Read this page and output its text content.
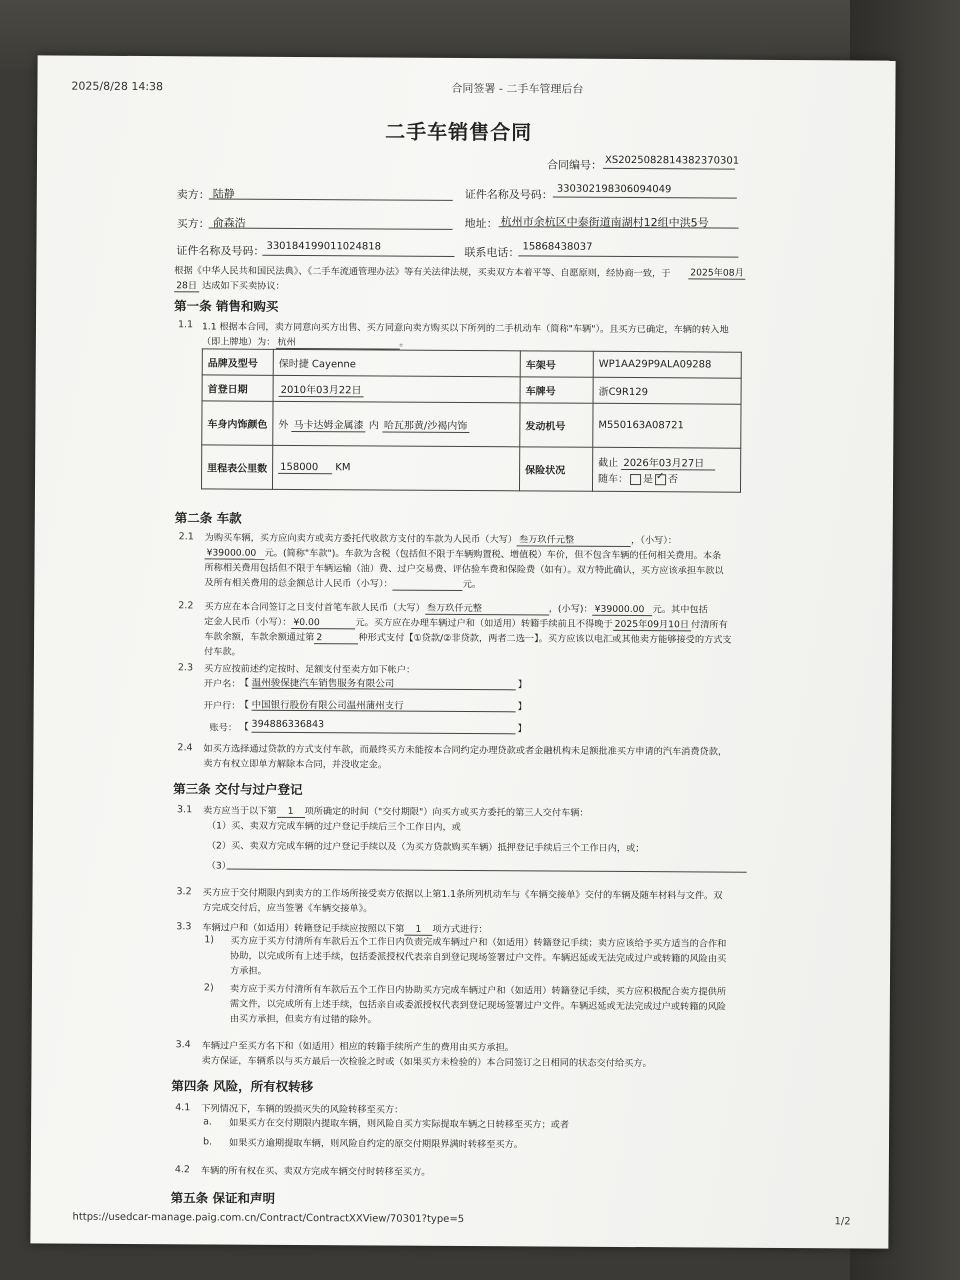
2025/8/28 14:38	合同签署 - 二手车管理后台
二手车销售合同
合同编号： XS20250828143823703​01
卖方： 陆静	证件名称及号码： 330302198306094049
买方： 俞森浩	地址： 杭州市余杭区中泰街道南湖村12组中洪5号
证件名称及号码： 330184199011024818	联系电话： 15868438037
根据《中华人民共和国民法典》、《二手车流通管理办法》等有关法律法规，买卖双方本着平等、自愿原则，经协商一致，于 2025年08月
28日 达成如下买卖协议：
第一条 销售和购买
1.1 1.1 根据本合同，卖方同意向买方出售、买方同意向卖方购买以下所列的二手机动车（简称"车辆"）。且买方已确定，车辆的转入地
（即上牌地）为： 杭州	。
品牌及型号	保时捷 Cayenne	车架号	WP1AA29P9ALA09288
首登日期	2010年03月22日	车牌号	浙C9R129
车身内饰颜色	外 马卡达姆金属漆 内 哈瓦那黄/沙褐内饰	发动机号	M550163A08721
里程表公里数	158000 KM	保险状况	截止 2026年03月27日
随车： 是 ✓ 否
第二条 车款
2.1 为购买车辆，买方应向卖方或卖方委托代收款方支付的车款为人民币（大写） 叁万玖仟元整	，（小写）：
¥39000.00 元。(简称"车款")。车款为含税（包括但不限于车辆购置税、增值税）车价，但不包含车辆的任何相关费用。本条
所称相关费用包括但不限于车辆运输（油）费、过户交易费、评估验车费和保险费（如有）。双方特此确认，买方应该承担车款以
及所有相关费用的总金额总计人民币（小写）：	元。
2.2 买方应在本合同签订之日支付首笔车款人民币（大写） 叁万玖仟元整	，(小写)： ¥39000.00 元。其中包括
定金人民币（小写）： ¥0.00	元。买方应在办理车辆过户和（如适用）转籍手续前且不得晚于 2025年09月10日 付清所有
车款余额，车款余额通过第 2	种形式支付【①贷款/②非贷款，两者二选一】。买方应该以电汇或其他卖方能够接受的方式支
付车款。
2.3 买方应按前述约定按时、足额支付至卖方如下帐户：
开户名： 【 温州骏保捷汽车销售服务有限公司	】
开户行： 【 中国银行股份有限公司温州蒲州支行	】
账号： 【 394886336843	】
2.4 如买方选择通过贷款的方式支付车款，而最终买方未能按本合同约定办理贷款或者金融机构未足额批准买方申请的汽车消费贷款，
卖方有权立即单方解除本合同，并没收定金。
第三条 交付与过户登记
3.1 卖方应当于以下第 1 项所确定的时间（"交付期限"）向买方或买方委托的第三人交付车辆：
（1）买、卖双方完成车辆的过户登记手续后三个工作日内，或
（2）买、卖双方完成车辆的过户登记手续以及（为买方贷款购买车辆）抵押登记手续后三个工作日内，或；
（3）
3.2 买方应于交付期限内到卖方的工作场所接受卖方依据以上第1.1条所列机动车与《车辆交接单》交付的车辆及随车材料与文件。双
方完成交付后，应当签署《车辆交接单》。
3.3 车辆过户和（如适用）转籍登记手续应按照以下第 1 项方式进行：
1) 买方应于买方付清所有车款后五个工作日内负责完成车辆过户和（如适用）转籍登记手续；卖方应该给予买方适当的合作和
协助，以完成所有上述手续，包括委派授权代表亲自到登记现场签署过户文件。车辆迟延或无法完成过户或转籍的风险由买
方承担。
2) 卖方应于买方付清所有车款后五个工作日内协助买方完成车辆过户和（如适用）转籍登记手续，买方应积极配合卖方提供所
需文件，以完成所有上述手续，包括亲自或委派授权代表到登记现场签署过户文件。车辆迟延或无法完成过户或转籍的风险
由买方承担，但卖方有过错的除外。
3.4 车辆过户至买方名下和（如适用）相应的转籍手续所产生的费用由买方承担。
卖方保证，车辆系以与买方最后一次检验之时或（如果买方未检验的）本合同签订之日相同的状态交付给买方。
第四条 风险，所有权转移
4.1 下列情况下，车辆的毁损灭失的风险转移至买方：
a. 如果买方在交付期限内提取车辆，则风险自买方实际提取车辆之日转移至买方；或者
b. 如果买方逾期提取车辆，则风险自约定的原交付期限界满时转移至买方。
4.2 车辆的所有权在买、卖双方完成车辆交付时转移至买方。
第五条 保证和声明
https://usedcar-manage.paig.com.cn/Contract/ContractXXView/70301?type=5	1/2
